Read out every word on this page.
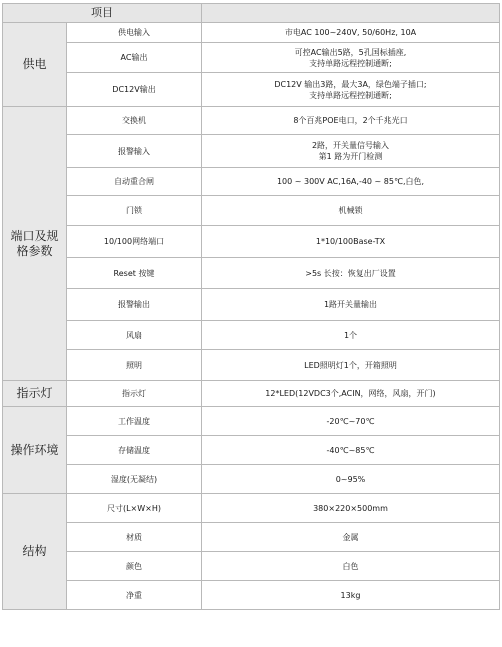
项目		
供电	供电输入	市电AC 100~240V, 50/60Hz, 10A

	AC输出	可控AC输出5路，5孔国标插座,
支持单路远程控制通断;

	DC12V输出	DC12V 输出3路，最大3A，绿色端子插口;
支持单路远程控制通断;

端口及规格参数	交换机	8个百兆POE电口，2个千兆光口

	报警输入	2路，开关量信号输入
第1 路为开门检测

	自动重合闸	100 ~ 300V AC,16A,-40 ~ 85℃,白色,

	门锁	机械锁

	10/100网络端口	1*10/100Base-TX

	Reset 按键	>5s 长按：恢复出厂设置

	报警输出	1路开关量输出

	风扇	1个

	照明	LED照明灯1个，开箱照明

指示灯	指示灯	12*LED(12VDC3个,ACIN，网络，风扇，开门)

操作环境	工作温度	-20℃~70℃

	存储温度	-40℃~85℃

	湿度(无凝结)	0~95%

结构	尺寸(L×W×H)	380×220×500mm

	材质	金属

	颜色	白色

	净重	13kg
